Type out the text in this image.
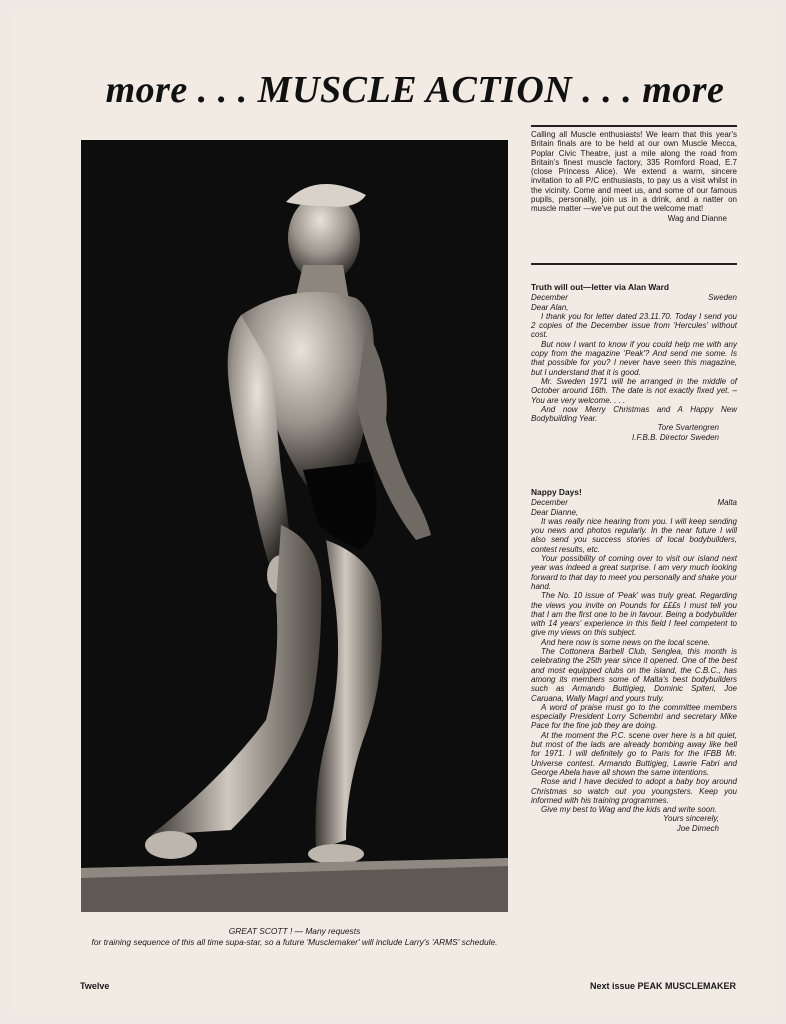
more . . . MUSCLE ACTION . . . more
GREAT SCOTT ! — Many requests
for training sequence of this all time supa-star, so a future 'Musclemaker' will include Larry's 'ARMS' schedule.
Calling all Muscle enthusiasts! We learn that this year's Britain finals are to be held at our own Muscle Mecca, Poplar Civic Theatre, just a mile along the road from Britain's finest muscle factory, 335 Romford Road, E.7 (close Princess Alice). We extend a warm, sincere invitation to all P/C enthusiasts, to pay us a visit whilst in the vicinity. Come and meet us, and some of our famous pupils, personally, join us in a drink, and a natter on muscle matter —we've put out the welcome mat!
Wag and Dianne
Truth will out—letter via Alan Ward
December	Sweden

Dear Alan,

I thank you for letter dated 23.11.70. Today I send you 2 copies of the December issue from 'Hercules' without cost.

But now I want to know if you could help me with any copy from the magazine 'Peak'? And send me some. Is that possible for you? I never have seen this magazine, but I understand that it is good.

Mr. Sweden 1971 will be arranged in the middle of October around 16th. The date is not exactly fixed yet. – You are very welcome. . . .

And now Merry Christmas and A Happy New Bodybuilding Year.

Tore Svartengren
I.F.B.B. Director Sweden
Nappy Days!
December	Malta

Dear Dianne,

It was really nice hearing from you. I will keep sending you news and photos regularly. In the near future I will also send you success stories of local bodybuilders, contest results, etc.

Your possibility of coming over to visit our island next year was indeed a great surprise. I am very much looking forward to that day to meet you personally and shake your hand.

The No. 10 issue of 'Peak' was truly great. Regarding the views you invite on Pounds for £££s I must tell you that I am the first one to be in favour. Being a bodybuilder with 14 years' experience in this field I feel competent to give my views on this subject.

And here now is some news on the local scene.

The Cottonera Barbell Club, Senglea, this month is celebrating the 25th year since it opened. One of the best and most equipped clubs on the island, the C.B.C., has among its members some of Malta's best bodybuilders such as Armando Buttigieg, Dominic Spiteri, Joe Caruana, Wally Magri and yours truly.

A word of praise must go to the committee members especially President Lorry Schembri and secretary Mike Pace for the fine job they are doing.

At the moment the P.C. scene over here is a bit quiet, but most of the lads are already bombing away like hell for 1971. I will definitely go to Paris for the IFBB Mr. Universe contest. Armando Buttigieg, Lawrie Fabri and George Abela have all shown the same intentions.

Rose and I have decided to adopt a baby boy around Christmas so watch out you youngsters. Keep you informed with his training programmes.

Give my best to Wag and the kids and write soon.

Yours sincerely,
Joe Dimech
Twelve	Next issue PEAK MUSCLEMAKER
